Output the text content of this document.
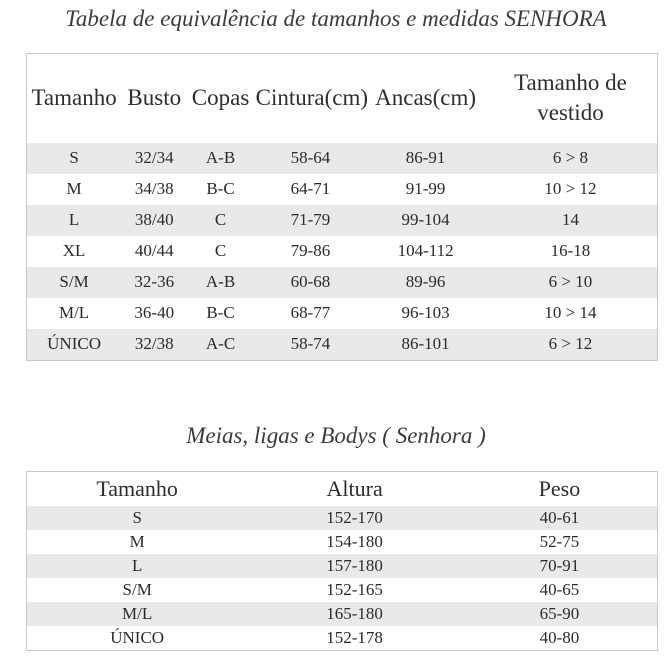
Tabela de equivalência de tamanhos e medidas SENHORA
Tamanho	Busto	Copas	Cintura(cm)	Ancas(cm)	Tamanho de vestido
S	32/34	A-B	58-64	86-91	6 > 8
M	34/38	B-C	64-71	91-99	10 > 12
L	38/40	C	71-79	99-104	14
XL	40/44	C	79-86	104-112	16-18
S/M	32-36	A-B	60-68	89-96	6 > 10
M/L	36-40	B-C	68-77	96-103	10 > 14
ÚNICO	32/38	A-C	58-74	86-101	6 > 12
Meias, ligas e Bodys ( Senhora )
Tamanho	Altura	Peso
S	152-170	40-61
M	154-180	52-75
L	157-180	70-91
S/M	152-165	40-65
M/L	165-180	65-90
ÚNICO	152-178	40-80
